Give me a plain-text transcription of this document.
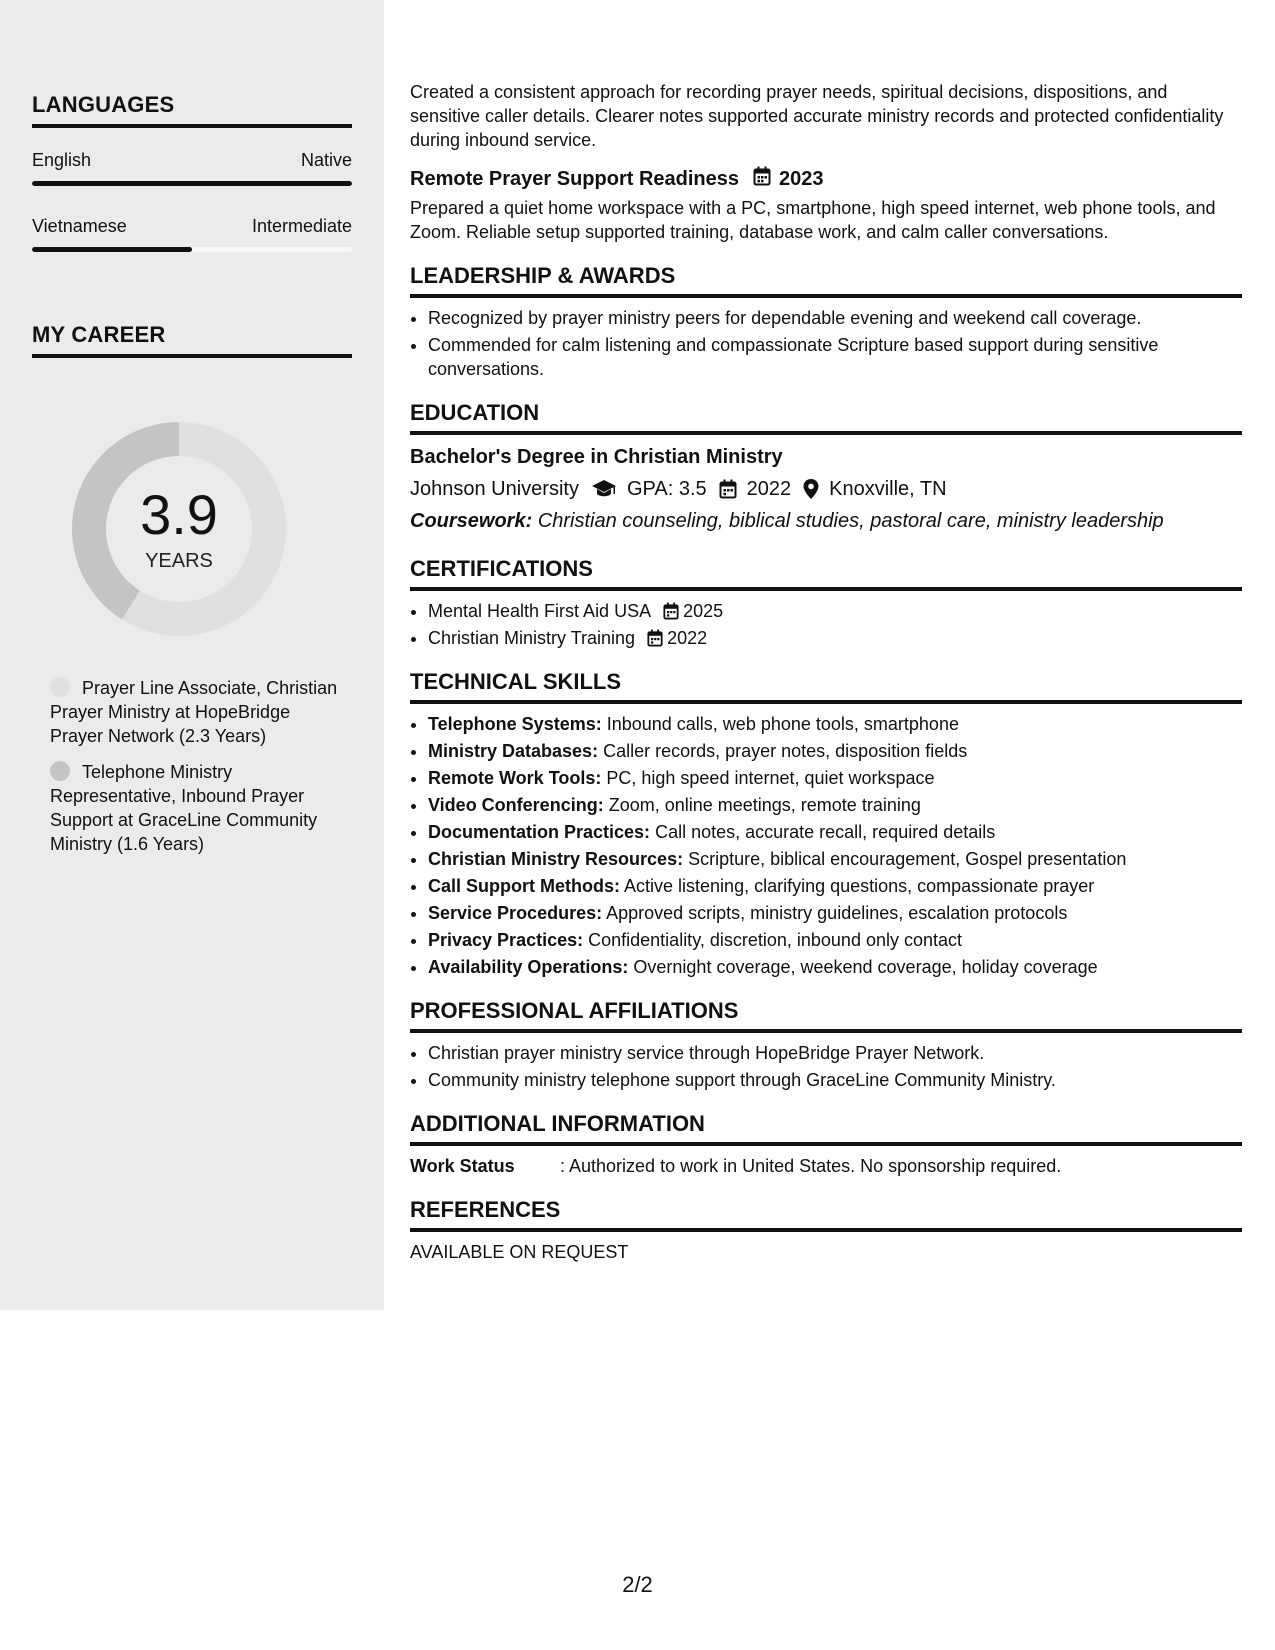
LANGUAGES
English	Native
Vietnamese	Intermediate
MY CAREER
3.9
YEARS
Prayer Line Associate, Christian Prayer Ministry at HopeBridge Prayer Network (2.3 Years)
Telephone Ministry Representative, Inbound Prayer Support at GraceLine Community Ministry (1.6 Years)

Created a consistent approach for recording prayer needs, spiritual decisions, dispositions, and sensitive caller details. Clearer notes supported accurate ministry records and protected confidentiality during inbound service.

Remote Prayer Support Readiness 2023

Prepared a quiet home workspace with a PC, smartphone, high speed internet, web phone tools, and Zoom. Reliable setup supported training, database work, and calm caller conversations.

LEADERSHIP & AWARDS
• Recognized by prayer ministry peers for dependable evening and weekend call coverage.
• Commended for calm listening and compassionate Scripture based support during sensitive conversations.
EDUCATION
Bachelor's Degree in Christian Ministry
Johnson University GPA: 3.5 2022 Knoxville, TN
Coursework: Christian counseling, biblical studies, pastoral care, ministry leadership
CERTIFICATIONS
• Mental Health First Aid USA 2025
• Christian Ministry Training 2022
TECHNICAL SKILLS
• Telephone Systems: Inbound calls, web phone tools, smartphone
• Ministry Databases: Caller records, prayer notes, disposition fields
• Remote Work Tools: PC, high speed internet, quiet workspace
• Video Conferencing: Zoom, online meetings, remote training
• Documentation Practices: Call notes, accurate recall, required details
• Christian Ministry Resources: Scripture, biblical encouragement, Gospel presentation
• Call Support Methods: Active listening, clarifying questions, compassionate prayer
• Service Procedures: Approved scripts, ministry guidelines, escalation protocols
• Privacy Practices: Confidentiality, discretion, inbound only contact
• Availability Operations: Overnight coverage, weekend coverage, holiday coverage
PROFESSIONAL AFFILIATIONS
• Christian prayer ministry service through HopeBridge Prayer Network.
• Community ministry telephone support through GraceLine Community Ministry.
ADDITIONAL INFORMATION
Work Status	: Authorized to work in United States. No sponsorship required.
REFERENCES
AVAILABLE ON REQUEST
2/2
